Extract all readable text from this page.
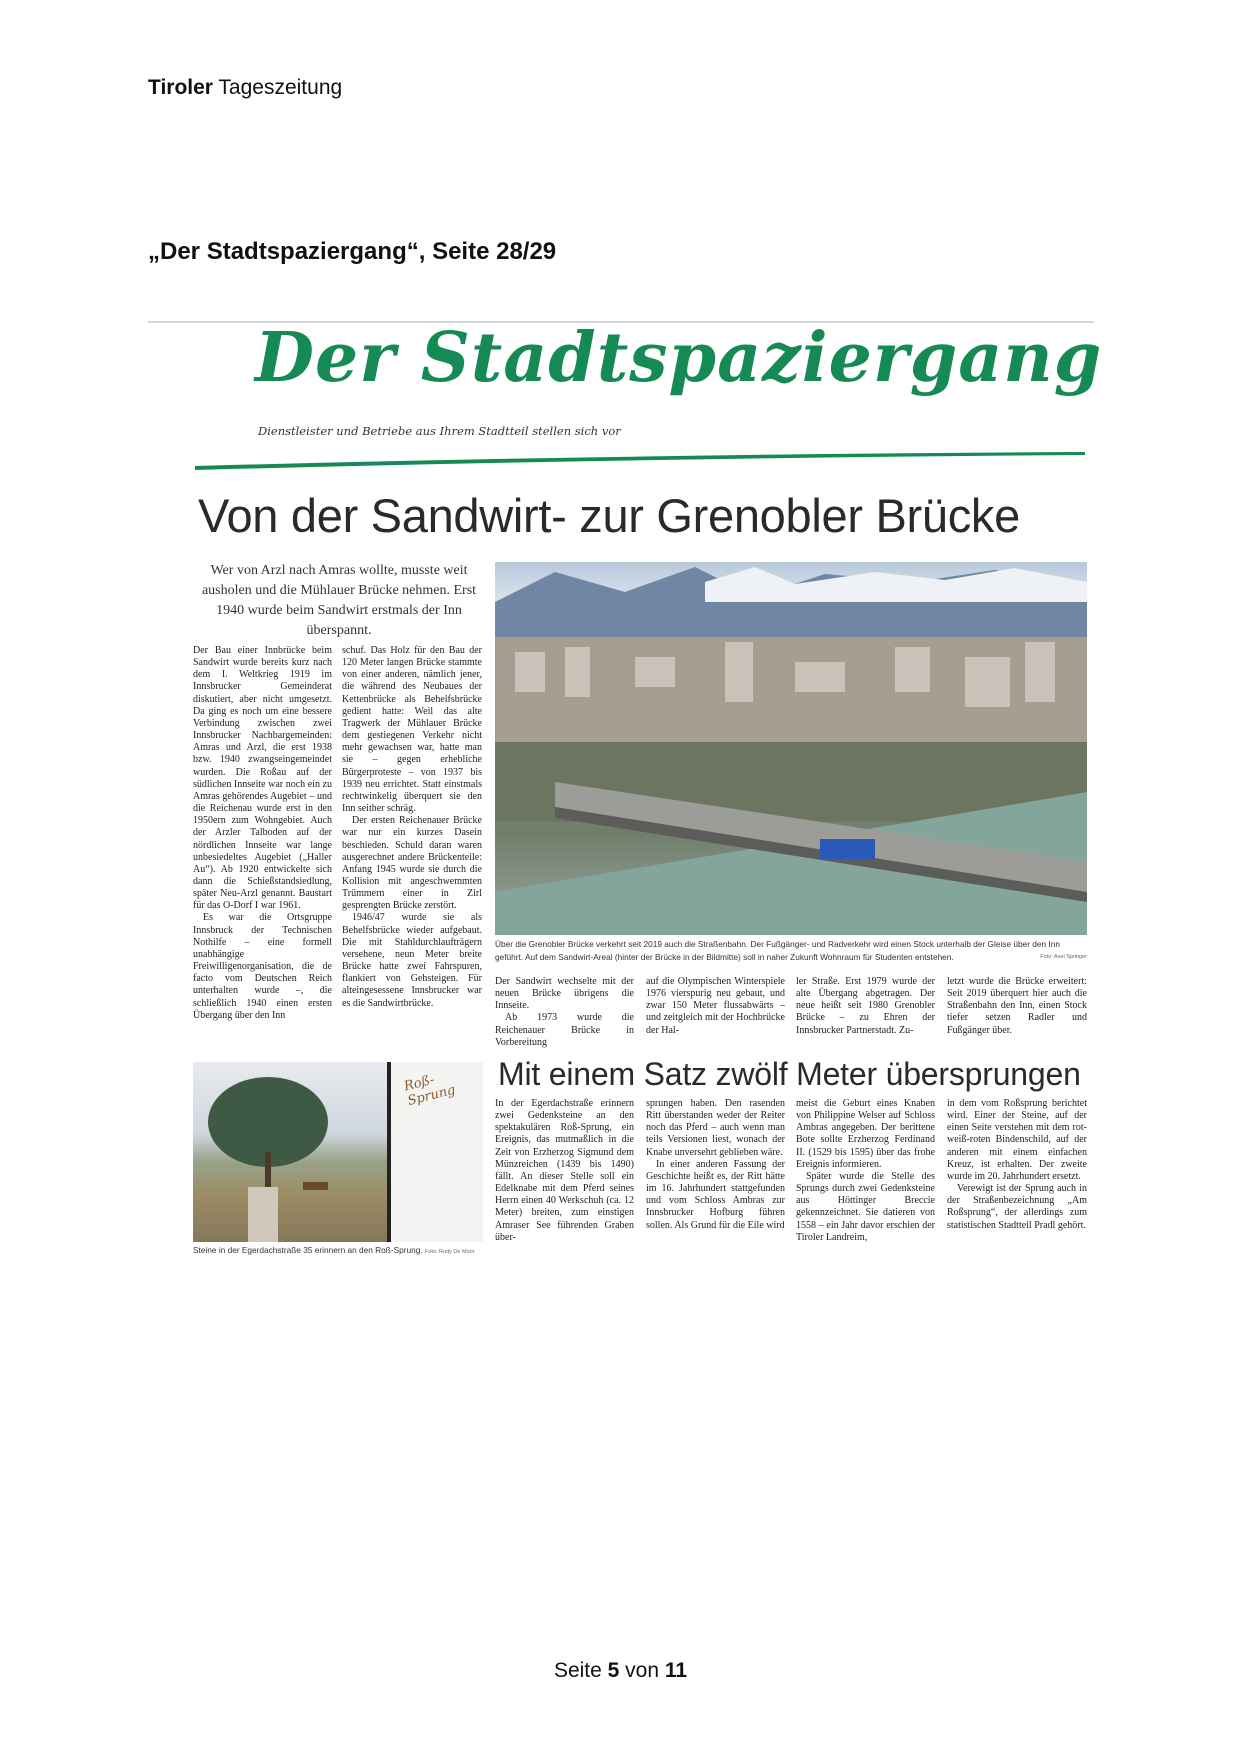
Tiroler Tageszeitung
„Der Stadtspaziergang“, Seite 28/29
Der Stadtspaziergang
Dienstleister und Betriebe aus Ihrem Stadtteil stellen sich vor
Von der Sandwirt- zur Grenobler Brücke
Wer von Arzl nach Amras wollte, musste weit ausholen und die Mühlauer Brücke nehmen. Erst 1940 wurde beim Sandwirt erstmals der Inn überspannt.

Der Bau einer Innbrücke beim Sandwirt wurde bereits kurz nach dem I. Weltkrieg 1919 im Innsbrucker Gemeinderat diskutiert, aber nicht umgesetzt. Da ging es noch um eine bessere Verbindung zwischen zwei Innsbrucker Nachbargemeinden: Amras und Arzl, die erst 1938 bzw. 1940 zwangseingemeindet wurden. Die Roßau auf der südlichen Innseite war noch ein zu Amras gehörendes Augebiet – und die Reichenau wurde erst in den 1950ern zum Wohngebiet. Auch der Arzler Talboden auf der nördlichen Innseite war lange unbesiedeltes Augebiet („Haller Au“). Ab 1920 entwickelte sich dann die Schießstandsiedlung, später Neu-Arzl genannt. Baustart für das O-Dorf I war 1961.

Es war die Ortsgruppe Innsbruck der Technischen Nothilfe – eine formell unabhängige Freiwilligenorganisation, die de facto vom Deutschen Reich unterhalten wurde –, die schließlich 1940 einen ersten Übergang über den Inn

schuf. Das Holz für den Bau der 120 Meter langen Brücke stammte von einer anderen, nämlich jener, die während des Neubaues der Kettenbrücke als Behelfsbrücke gedient hatte: Weil das alte Tragwerk der Mühlauer Brücke dem gestiegenen Verkehr nicht mehr gewachsen war, hatte man sie – gegen erhebliche Bürgerproteste – von 1937 bis 1939 neu errichtet. Statt einstmals rechtwinkelig überquert sie den Inn seither schräg.

Der ersten Reichenauer Brücke war nur ein kurzes Dasein beschieden. Schuld daran waren ausgerechnet andere Brückenteile: Anfang 1945 wurde sie durch die Kollision mit angeschwemmten Trümmern einer in Zirl gesprengten Brücke zerstört.

1946/47 wurde sie als Behelfsbrücke wieder aufgebaut. Die mit Stahldurchlaufträgern versehene, neun Meter breite Brücke hatte zwei Fahrspuren, flankiert von Gehsteigen. Für alteingesessene Innsbrucker war es die Sandwirtbrücke.

Über die Grenobler Brücke verkehrt seit 2019 auch die Straßenbahn. Der Fußgänger- und Radverkehr wird einen Stock unterhalb der Gleise über den Inn geführt. Auf dem Sandwirt-Areal (hinter der Brücke in der Bildmitte) soll in naher Zukunft Wohnraum für Studenten entstehen.	Foto: Axel Springer

Der Sandwirt wechselte mit der neuen Brücke übrigens die Innseite.

Ab 1973 wurde die Reichenauer Brücke in Vorbereitung

auf die Olympischen Winterspiele 1976 vierspurig neu gebaut, und zwar 150 Meter flussabwärts – und zeitgleich mit der Hochbrücke der Hal-

ler Straße. Erst 1979 wurde der alte Übergang abgetragen. Der neue heißt seit 1980 Grenobler Brücke – zu Ehren der Innsbrucker Partnerstadt. Zu-

letzt wurde die Brücke erweitert: Seit 2019 überquert hier auch die Straßenbahn den Inn, einen Stock tiefer setzen Radler und Fußgänger über.

Roß-Sprung
Steine in der Egerdachstraße 35 erinnern an den Roß-Sprung. Foto: Rudy De Moor
Mit einem Satz zwölf Meter übersprungen

In der Egerdachstraße erinnern zwei Gedenksteine an den spektakulären Roß-Sprung, ein Ereignis, das mutmaßlich in die Zeit von Erzherzog Sigmund dem Münzreichen (1439 bis 1490) fällt. An dieser Stelle soll ein Edelknabe mit dem Pferd seines Herrn einen 40 Werkschuh (ca. 12 Meter) breiten, zum einstigen Amraser See führenden Graben über-

sprungen haben. Den rasenden Ritt überstanden weder der Reiter noch das Pferd – auch wenn man teils Versionen liest, wonach der Knabe unversehrt geblieben wäre.

In einer anderen Fassung der Geschichte heißt es, der Ritt hätte im 16. Jahrhundert stattgefunden und vom Schloss Ambras zur Innsbrucker Hofburg führen sollen. Als Grund für die Eile wird

meist die Geburt eines Knaben von Philippine Welser auf Schloss Ambras angegeben. Der berittene Bote sollte Erzherzog Ferdinand II. (1529 bis 1595) über das frohe Ereignis informieren.

Später wurde die Stelle des Sprungs durch zwei Gedenksteine aus Höttinger Breccie gekennzeichnet. Sie datieren von 1558 – ein Jahr davor erschien der Tiroler Landreim,

in dem vom Roßsprung berichtet wird. Einer der Steine, auf der einen Seite verstehen mit dem rot-weiß-roten Bindenschild, auf der anderen mit einem einfachen Kreuz, ist erhalten. Der zweite wurde im 20. Jahrhundert ersetzt.

Verewigt ist der Sprung auch in der Straßenbezeichnung „Am Roßsprung“, der allerdings zum statistischen Stadtteil Pradl gehört.

Seite 5 von 11
